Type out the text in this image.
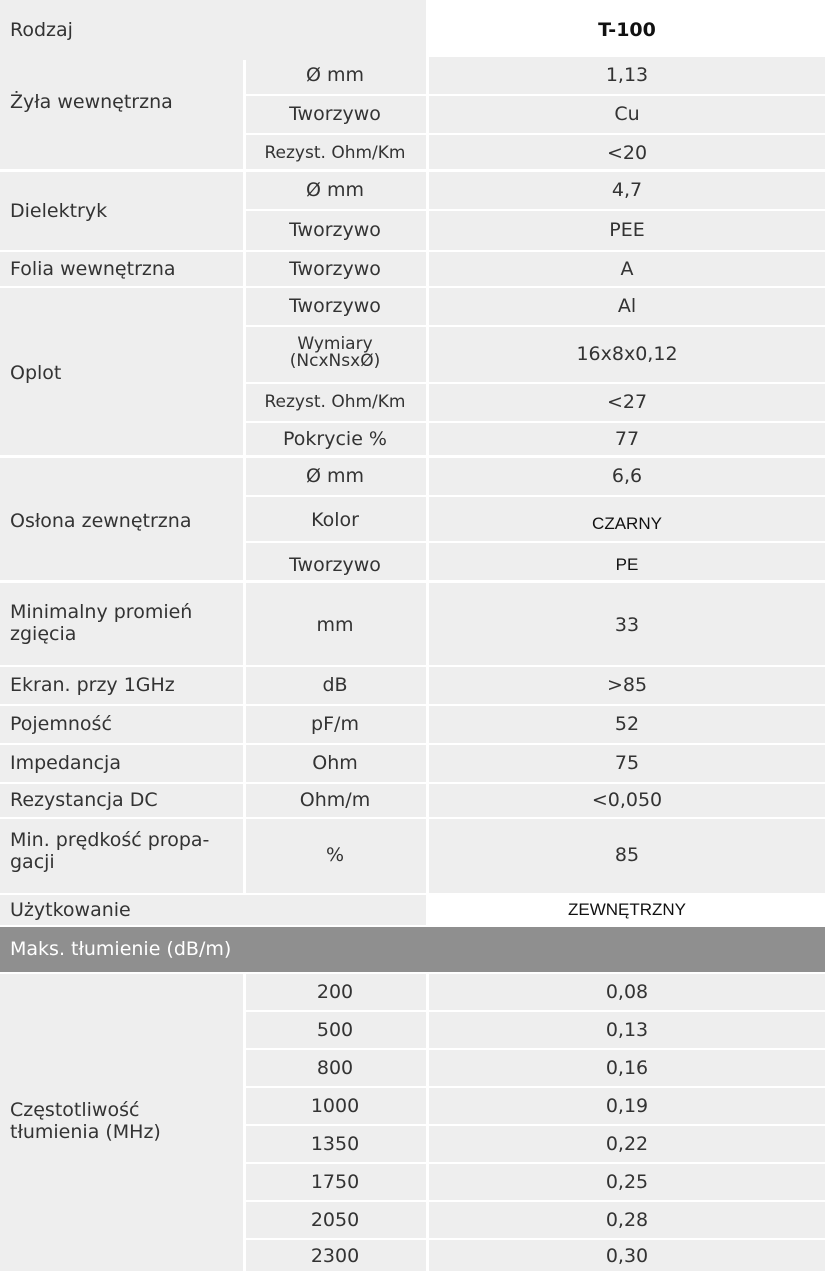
Rodzaj	T-100
Żyła wewnętrzna
Ø mm	1,13
Tworzywo	Cu
Rezyst. Ohm/Km	<20
Dielektryk
Ø mm	4,7
Tworzywo	PEE
Folia wewnętrzna	Tworzywo	A
Oplot
Tworzywo	Al
Wymiary
(NcxNsxØ)	16x8x0,12
Rezyst. Ohm/Km	<27
Pokrycie %	77
Osłona zewnętrzna
Ø mm	6,6
Kolor	CZARNY
Tworzywo	PE
Minimalny promień zgięcia	mm	33
Ekran. przy 1GHz	dB	>85
Pojemność	pF/m	52
Impedancja	Ohm	75
Rezystancja DC	Ohm/m	<0,050
Min. prędkość propa-gacji	%	85
Użytkowanie	ZEWNĘTRZNY
Maks. tłumienie (dB/m)
Częstotliwość tłumienia (MHz)
200	0,08
500	0,13
800	0,16
1000	0,19
1350	0,22
1750	0,25
2050	0,28
2300	0,30
